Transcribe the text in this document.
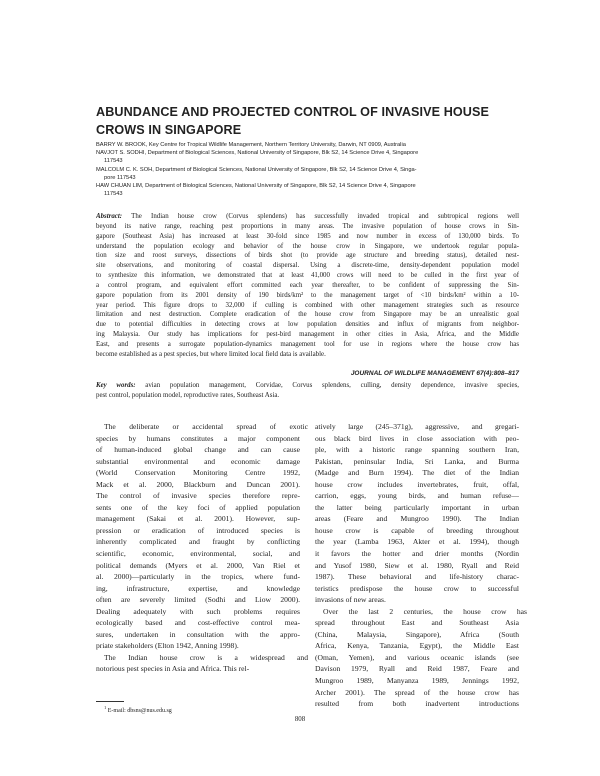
ABUNDANCE AND PROJECTED CONTROL OF INVASIVE HOUSE
CROWS IN SINGAPORE
BARRY W. BROOK, Key Centre for Tropical Wildlife Management, Northern Territory University, Darwin, NT 0909, Australia
NAVJOT S. SODHI, Department of Biological Sciences, National University of Singapore, Blk S2, 14 Science Drive 4, Singapore
117543
MALCOLM C. K. SOH, Department of Biological Sciences, National University of Singapore, Blk S2, 14 Science Drive 4, Singa-
pore 117543
HAW CHUAN LIM, Department of Biological Sciences, National University of Singapore, Blk S2, 14 Science Drive 4, Singapore
117543
Abstract: The Indian house crow (Corvus splendens) has successfully invaded tropical and subtropical regions well
beyond its native range, reaching pest proportions in many areas. The invasive population of house crows in Sin-
gapore (Southeast Asia) has increased at least 30-fold since 1985 and now number in excess of 130,000 birds. To
understand the population ecology and behavior of the house crow in Singapore, we undertook regular popula-
tion size and roost surveys, dissections of birds shot (to provide age structure and breeding status), detailed nest-
site observations, and monitoring of coastal dispersal. Using a discrete-time, density-dependent population model
to synthesize this information, we demonstrated that at least 41,000 crows will need to be culled in the first year of
a control program, and equivalent effort committed each year thereafter, to be confident of suppressing the Sin-
gapore population from its 2001 density of 190 birds/km² to the management target of <10 birds/km² within a 10-
year period. This figure drops to 32,000 if culling is combined with other management strategies such as resource
limitation and nest destruction. Complete eradication of the house crow from Singapore may be an unrealistic goal
due to potential difficulties in detecting crows at low population densities and influx of migrants from neighbor-
ing Malaysia. Our study has implications for pest-bird management in other cities in Asia, Africa, and the Middle
East, and presents a surrogate population-dynamics management tool for use in regions where the house crow has
become established as a pest species, but where limited local field data is available.
JOURNAL OF WILDLIFE MANAGEMENT 67(4):808–817
Key words: avian population management, Corvidae, Corvus splendens, culling, density dependence, invasive species,
pest control, population model, reproductive rates, Southeast Asia.
The deliberate or accidental spread of exotic
species by humans constitutes a major component
of human-induced global change and can cause
substantial environmental and economic damage
(World Conservation Monitoring Centre 1992,
Mack et al. 2000, Blackburn and Duncan 2001).
The control of invasive species therefore repre-
sents one of the key foci of applied population
management (Sakai et al. 2001). However, sup-
pression or eradication of introduced species is
inherently complicated and fraught by conflicting
scientific, economic, environmental, social, and
political demands (Myers et al. 2000, Van Riel et
al. 2000)—particularly in the tropics, where fund-
ing, infrastructure, expertise, and knowledge
often are severely limited (Sodhi and Liow 2000).
Dealing adequately with such problems requires
ecologically based and cost-effective control mea-
sures, undertaken in consultation with the appro-
priate stakeholders (Elton 1942, Anning 1998).
The Indian house crow is a widespread and
notorious pest species in Asia and Africa. This rel-
atively large (245–371g), aggressive, and gregari-
ous black bird lives in close association with peo-
ple, with a historic range spanning southern Iran,
Pakistan, peninsular India, Sri Lanka, and Burma
(Madge and Burn 1994). The diet of the Indian
house crow includes invertebrates, fruit, offal,
carrion, eggs, young birds, and human refuse—
the latter being particularly important in urban
areas (Feare and Mungroo 1990). The Indian
house crow is capable of breeding throughout
the year (Lamba 1963, Akter et al. 1994), though
it favors the hotter and drier months (Nordin
and Yusof 1980, Siew et al. 1980, Ryall and Reid
1987). These behavioral and life-history charac-
teristics predispose the house crow to successful
invasions of new areas.
Over the last 2 centuries, the house crow has
spread throughout East and Southeast Asia
(China, Malaysia, Singapore), Africa (South
Africa, Kenya, Tanzania, Egypt), the Middle East
(Oman, Yemen), and various oceanic islands (see
Davison 1979, Ryall and Reid 1987, Feare and
Mungroo 1989, Manyanza 1989, Jennings 1992,
Archer 2001). The spread of the house crow has
resulted from both inadvertent introductions
$^1$ E-mail: dbsns@nus.edu.sg
808
